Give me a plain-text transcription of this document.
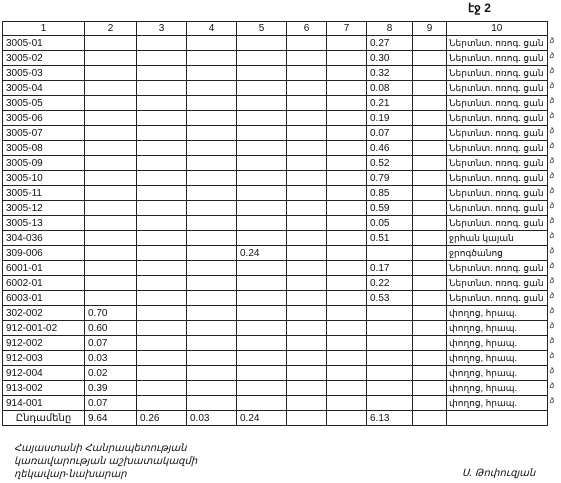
էջ 2
1	2	3	4	5	6	7	8	9	10
3005-01							0.27		Ներտնտ. ոռոգ. ցան
3005-02							0.30		Ներտնտ. ոռոգ. ցան
3005-03							0.32		Ներտնտ. ոռոգ. ցան
3005-04							0.08		Ներտնտ. ոռոգ. ցան
3005-05							0.21		Ներտնտ. ոռոգ. ցան
3005-06							0.19		Ներտնտ. ոռոգ. ցան
3005-07							0.07		Ներտնտ. ոռոգ. ցան
3005-08							0.46		Ներտնտ. ոռոգ. ցան
3005-09							0.52		Ներտնտ. ոռոգ. ցան
3005-10							0.79		Ներտնտ. ոռոգ. ցան
3005-11							0.85		Ներտնտ. ոռոգ. ցան
3005-12							0.59		Ներտնտ. ոռոգ. ցան
3005-13							0.05		Ներտնտ. ոռոգ. ցան
304-036							0.51		ջրհան կայան
309-006				0.24					ջրոգծանոց
6001-01							0.17		Ներտնտ. ոռոգ. ցան
6002-01							0.22		Ներտնտ. ոռոգ. ցան
6003-01							0.53		Ներտնտ. ոռոգ. ցան
302-002	0.70								փողոց, հրապ.
912-001-02	0.60								փողոց, հրապ.
912-002	0.07								փողոց, հրապ.
912-003	0.03								փողոց, հրապ.
912-004	0.02								փողոց, հրապ.
913-002	0.39								փողոց, հրապ.
914-001	0.07								փողոց, հրապ.
Ընդամենը	9.64	0.26	0.03	0.24			6.13		
ձ
ձ
ձ
ձ
ձ
ձ
ձ
ձ
ձ
ձ
ձ
ձ
ձ
ձ
ձ
ձ
ձ
ձ
ձ
ձ
ձ
ձ
ձ
ձ
ձ
Հայաստանի Հանրապետության
կառավարության աշխատակազմի
ղեկավար-նախարար	Ս. Թոփուզյան
